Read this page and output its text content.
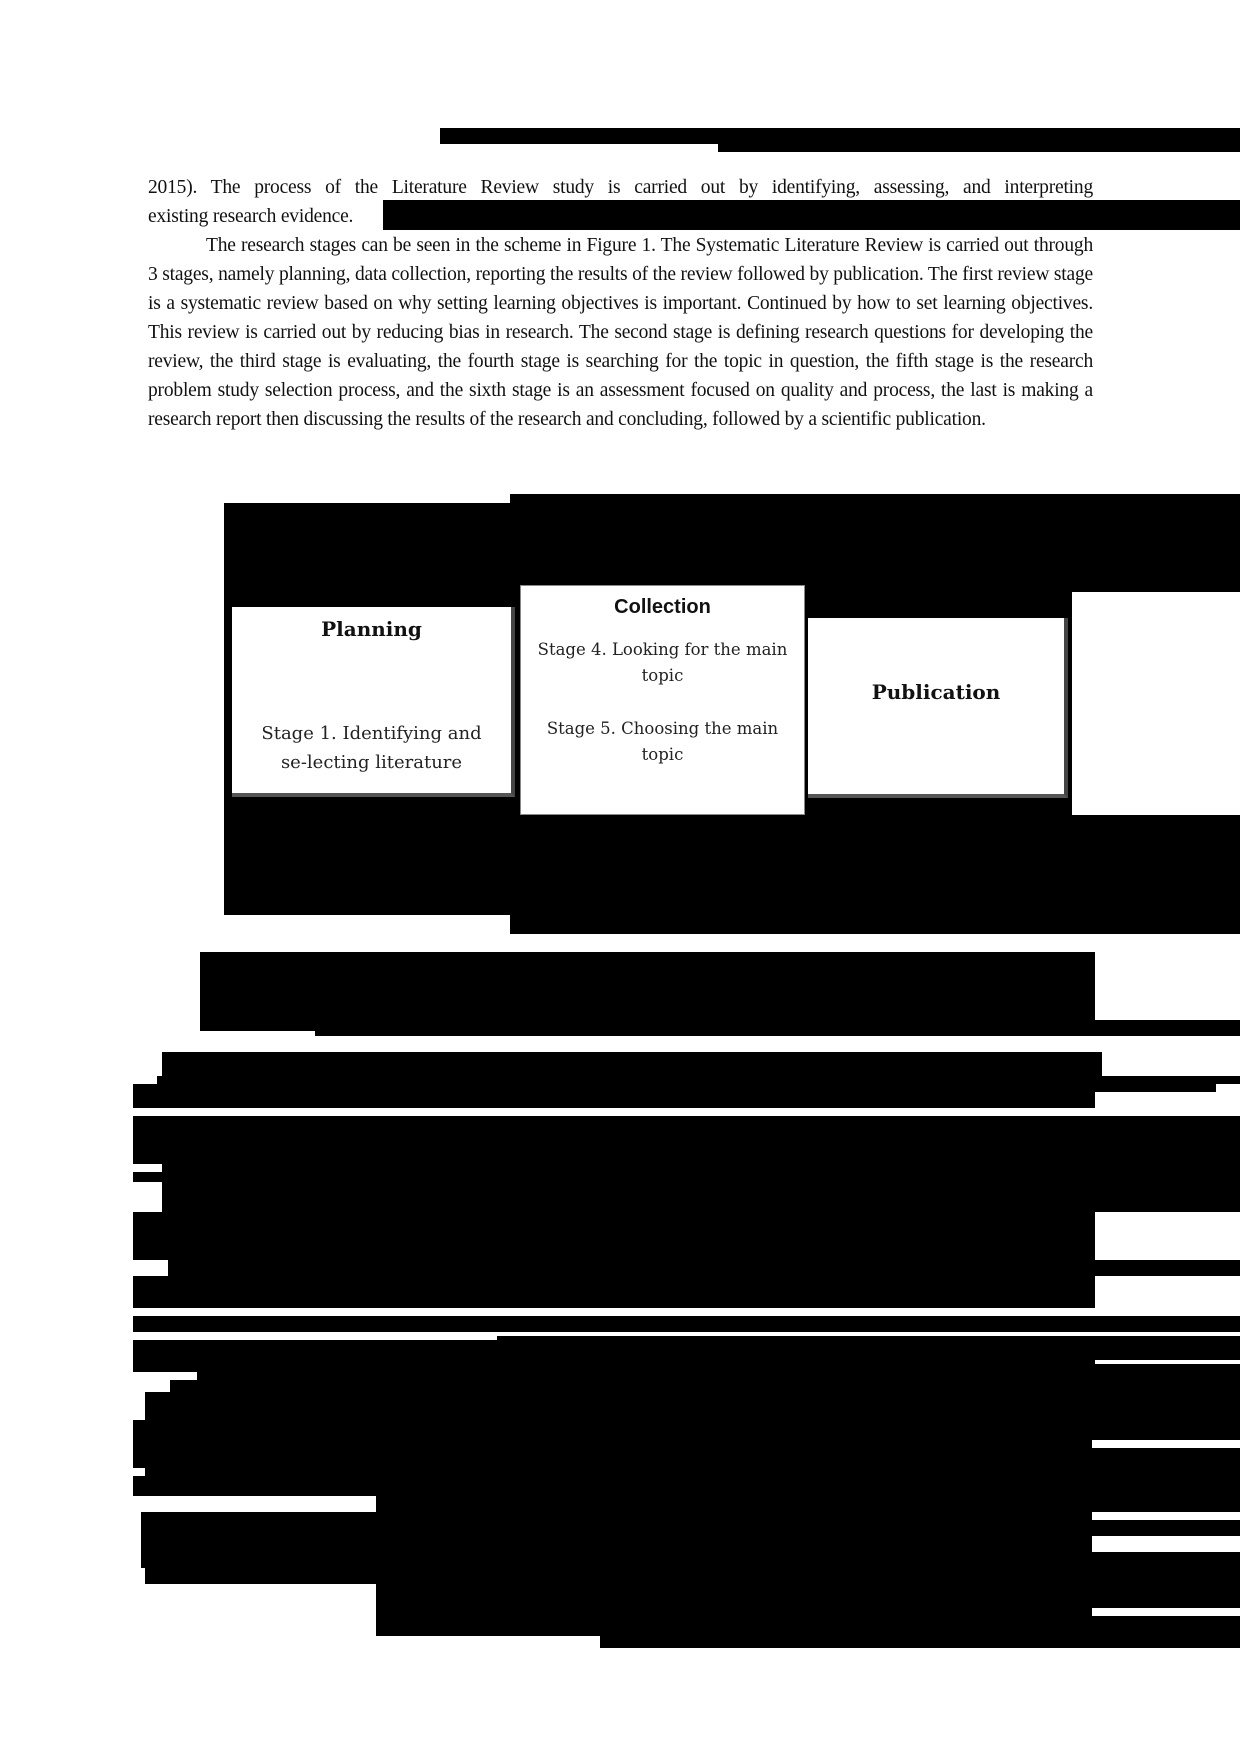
2015). The process of the Literature Review study is carried out by identifying, assessing, and interpreting

existing research evidence.

The research stages can be seen in the scheme in Figure 1. The Systematic Literature Review is carried out through 3 stages, namely planning, data collection, reporting the results of the review followed by publication. The first review stage is a systematic review based on why setting learning objectives is important. Continued by how to set learning objectives. This review is carried out by reducing bias in research. The second stage is defining research questions for developing the review, the third stage is evaluating, the fourth stage is searching for the topic in question, the fifth stage is the research problem study selection process, and the sixth stage is an assessment focused on quality and process, the last is making a research report then discussing the results of the research and concluding, followed by a scientific publication.

Planning
Stage 1. Identifying and se-lecting literature
Collection
Stage 4. Looking for the main topic
Stage 5. Choosing the main topic
Publication
